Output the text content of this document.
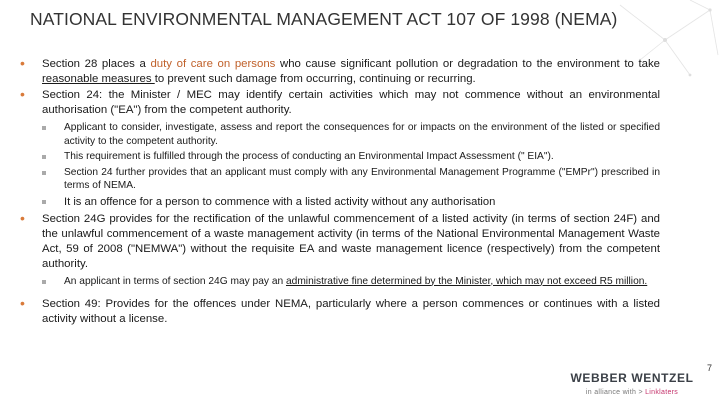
NATIONAL ENVIRONMENTAL MANAGEMENT ACT 107 OF 1998 (NEMA)
• Section 28 places a duty of care on persons who cause significant pollution or degradation to the environment to take reasonable measures to prevent such damage from occurring, continuing or recurring.
• Section 24: the Minister / MEC may identify certain activities which may not commence without an environmental authorisation ("EA") from the competent authority.
Applicant to consider, investigate, assess and report the consequences for or impacts on the environment of the listed or specified activity to the competent authority.
This requirement is fulfilled through the process of conducting an Environmental Impact Assessment (" EIA").
Section 24 further provides that an applicant must comply with any Environmental Management Programme ("EMPr") prescribed in terms of NEMA.
It is an offence for a person to commence with a listed activity without any authorisation
• Section 24G provides for the rectification of the unlawful commencement of a listed activity (in terms of section 24F) and the unlawful commencement of a waste management activity (in terms of the National Environmental Management Waste Act, 59 of 2008 ("NEMWA") without the requisite EA and waste management licence (respectively) from the competent authority.
An applicant in terms of section 24G may pay an administrative fine determined by the Minister, which may not exceed R5 million.
• Section 49: Provides for the offences under NEMA, particularly where a person commences or continues with a listed activity without a license.
7
WEBBER WENTZEL
in alliance with > Linklaters
